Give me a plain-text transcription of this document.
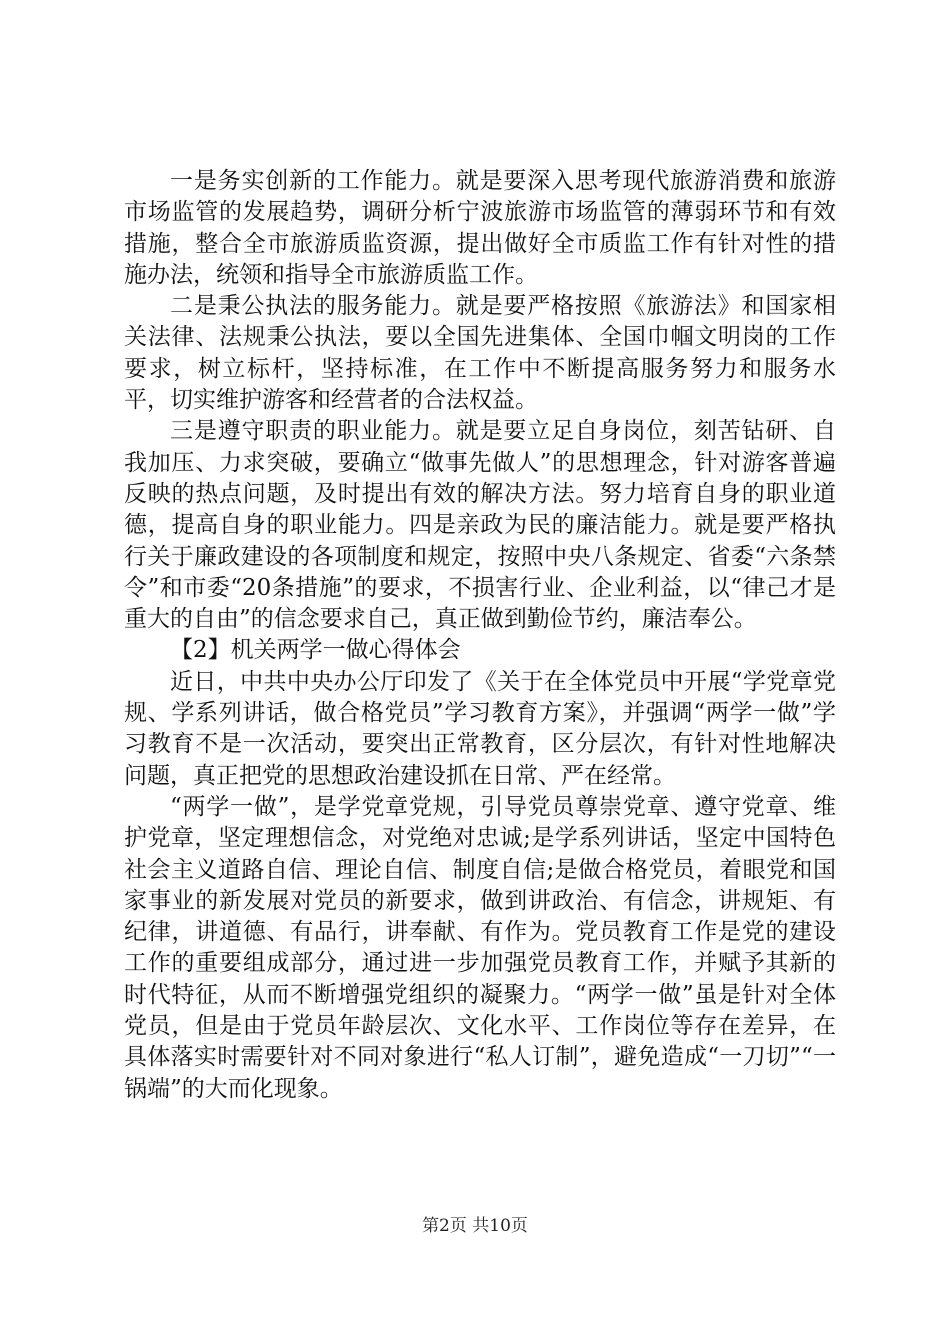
一是务实创新的工作能力。就是要深入思考现代旅游消费和旅游市场监管的发展趋势，调研分析宁波旅游市场监管的薄弱环节和有效措施，整合全市旅游质监资源，提出做好全市质监工作有针对性的措施办法，统领和指导全市旅游质监工作。

二是秉公执法的服务能力。就是要严格按照《旅游法》和国家相关法律、法规秉公执法，要以全国先进集体、全国巾帼文明岗的工作要求，树立标杆，坚持标准，在工作中不断提高服务努力和服务水平，切实维护游客和经营者的合法权益。

三是遵守职责的职业能力。就是要立足自身岗位，刻苦钻研、自我加压、力求突破，要确立“做事先做人”的思想理念，针对游客普遍反映的热点问题，及时提出有效的解决方法。努力培育自身的职业道德，提高自身的职业能力。四是亲政为民的廉洁能力。就是要严格执行关于廉政建设的各项制度和规定，按照中央八条规定、省委“六条禁令”和市委“20条措施”的要求，不损害行业、企业利益，以“律己才是重大的自由”的信念要求自己，真正做到勤俭节约，廉洁奉公。

【2】机关两学一做心得体会

近日，中共中央办公厅印发了《关于在全体党员中开展“学党章党规、学系列讲话，做合格党员”学习教育方案》，并强调“两学一做”学习教育不是一次活动，要突出正常教育，区分层次，有针对性地解决问题，真正把党的思想政治建设抓在日常、严在经常。

“两学一做”，是学党章党规，引导党员尊崇党章、遵守党章、维护党章，坚定理想信念，对党绝对忠诚;是学系列讲话，坚定中国特色社会主义道路自信、理论自信、制度自信;是做合格党员，着眼党和国家事业的新发展对党员的新要求，做到讲政治、有信念，讲规矩、有纪律，讲道德、有品行，讲奉献、有作为。党员教育工作是党的建设工作的重要组成部分，通过进一步加强党员教育工作，并赋予其新的时代特征，从而不断增强党组织的凝聚力。“两学一做”虽是针对全体党员，但是由于党员年龄层次、文化水平、工作岗位等存在差异，在具体落实时需要针对不同对象进行“私人订制”，避免造成“一刀切”“一锅端”的大而化现象。

第2页 共10页
